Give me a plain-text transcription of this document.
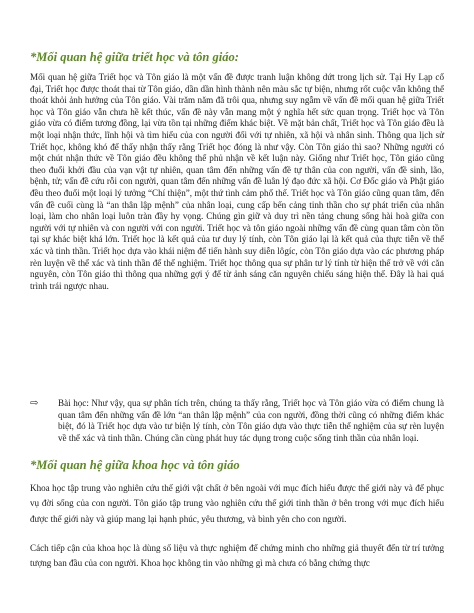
*Mối quan hệ giữa triết học và tôn giáo:

Mối quan hệ giữa Triết học và Tôn giáo là một vấn đề được tranh luận không dứt trong lịch sử. Tại Hy Lạp cổ đại, Triết học được thoát thai từ Tôn giáo, dần dần hình thành nên màu sắc tự biện, nhưng rốt cuộc vẫn không thể thoát khỏi ảnh hưởng của Tôn giáo. Vài trăm năm đã trôi qua, nhưng suy ngẫm về vấn đề mối quan hệ giữa Triết học và Tôn giáo vẫn chưa hề kết thúc, vấn đề này vẫn mang một ý nghĩa hết sức quan trọng. Triết học và Tôn giáo vừa có điểm tương đồng, lại vừa tồn tại những điểm khác biệt. Về mặt bản chất, Triết học và Tôn giáo đều là một loại nhận thức, lĩnh hội và tìm hiểu của con người đối với tự nhiên, xã hội và nhân sinh. Thông qua lịch sử Triết học, không khó để thấy nhận thấy rằng Triết học đóng là như vậy. Còn Tôn giáo thì sao? Những người có một chút nhận thức về Tôn giáo đều không thể phủ nhận về kết luận này. Giống như Triết học, Tôn giáo cũng theo đuổi khởi đầu của vạn vật tự nhiên, quan tâm đến những vấn đề tự thân của con người, vấn đề sinh, lão, bệnh, tử; vấn đề cứu rỗi con người, quan tâm đến những vấn đề luân lý đạo đức xã hội. Cơ Đốc giáo và Phật giáo đều theo đuổi một loại lý tưởng “Chí thiện”, một thứ tình cảm phổ thế. Triết học và Tôn giáo cũng quan tâm, đến vấn đề cuối cùng là “an thân lập mệnh” của nhân loại, cung cấp bến cảng tinh thần cho sự phát triển của nhân loại, làm cho nhân loại luôn tràn đầy hy vọng. Chúng gìn giữ và duy trì nền tảng chung sống hài hoà giữa con người với tự nhiên và con người với con người. Triết học và tôn giáo ngoài những vấn đề cùng quan tâm còn tồn tại sự khác biệt khá lớn. Triết học là kết quả của tư duy lý tính, còn Tôn giáo lại là kết quả của thực tiễn về thể xác và tinh thần. Triết học dựa vào khái niệm để tiến hành suy diễn lôgíc, còn Tôn giáo dựa vào các phương pháp rèn luyện về thể xác và tinh thần để thể nghiệm. Triết học thông qua sự phân tư lý tính từ hiện thế trở về với căn nguyên, còn Tôn giáo thì thông qua những gợi ý để từ ảnh sáng căn nguyên chiếu sáng hiện thế. Đây là hai quá trình trái ngược nhau.

⇨	Bài học: Như vậy, qua sự phân tích trên, chúng ta thấy rằng, Triết học và Tôn giáo vừa có điểm chung là quan tâm đến những vấn đề lớn “an thân lập mệnh” của con người, đồng thời cũng có những điểm khác biệt, đó là Triết học dựa vào tư biện lý tính, còn Tôn giáo dựa vào thực tiễn thể nghiệm của sự rèn luyện về thể xác và tinh thần. Chúng cần cùng phát huy tác dụng trong cuộc sống tinh thần của nhân loại.
*Mối quan hệ giữa khoa học và tôn giáo

Khoa học tập trung vào nghiên cứu thế giới vật chất ở bên ngoài với mục đích hiểu được thế giới này và để phục vụ đời sống của con người. Tôn giáo tập trung vào nghiên cứu thế giới tinh thần ở bên trong với mục đích hiểu được thế giới này và giúp mang lại hạnh phúc, yêu thương, và bình yên cho con người.

Cách tiếp cận của khoa học là dùng số liệu và thực nghiệm để chứng minh cho những giả thuyết đến từ trí tưởng tượng ban đầu của con người. Khoa học không tin vào những gì mà chưa có bằng chứng thực
